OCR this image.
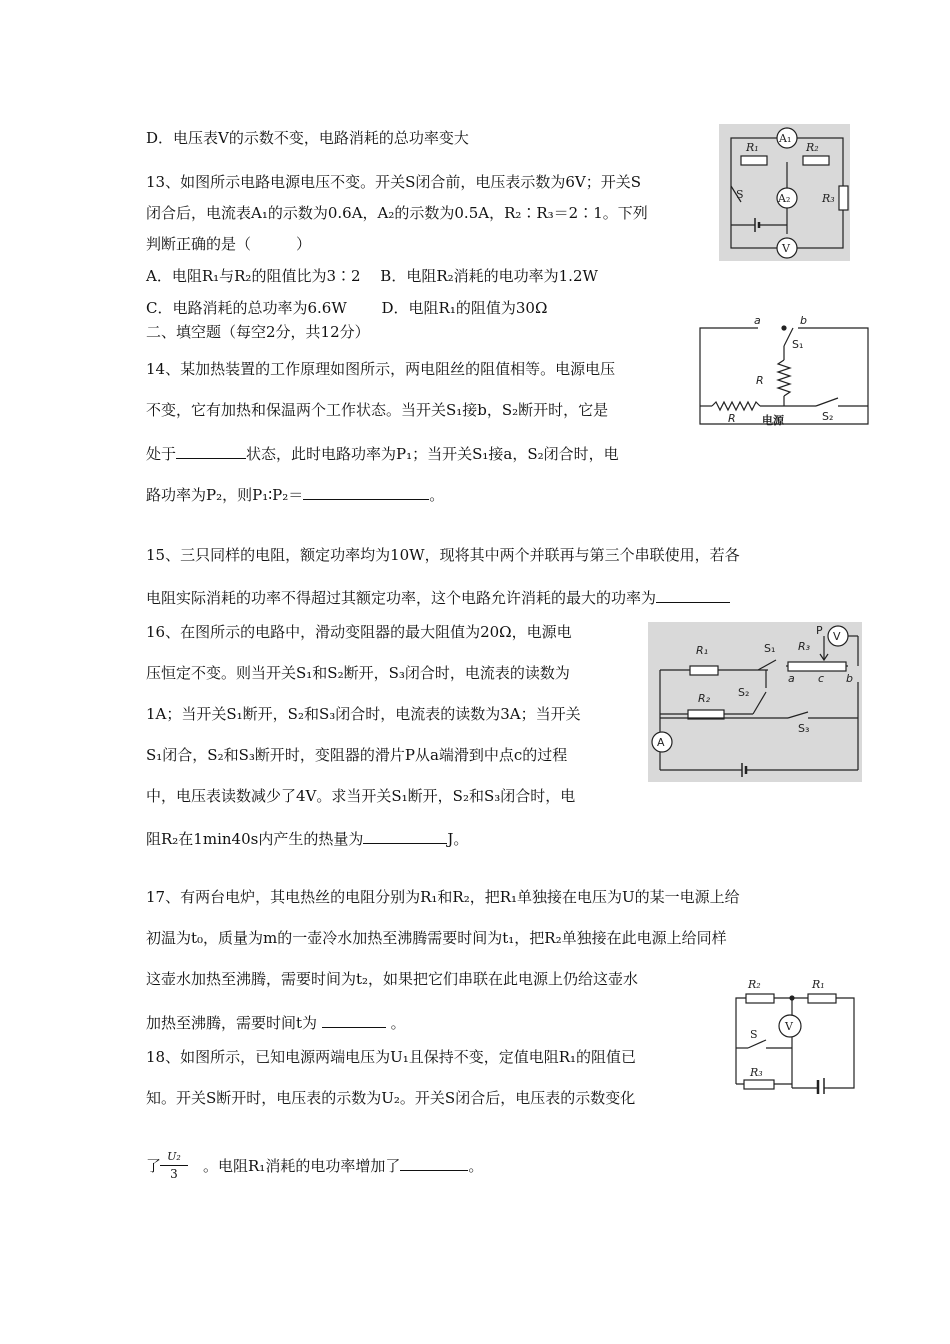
D．电压表V的示数不变，电路消耗的总功率变大
13、如图所示电路电源电压不变。开关S闭合前，电压表示数为6V；开关S
闭合后，电流表A₁的示数为0.6A，A₂的示数为0.5A，R₂∶R₃＝2∶1。下列
判断正确的是（　　　）
A．电阻R₁与R₂的阻值比为3∶2　 B．电阻R₂消耗的电功率为1.2W
C．电路消耗的总功率为6.6W　　 D．电阻R₁的阻值为30Ω
二、填空题（每空2分，共12分）
14、某加热装置的工作原理如图所示，两电阻丝的阻值相等。电源电压
不变，它有加热和保温两个工作状态。当开关S₁接b，S₂断开时，它是
处于	状态，此时电路功率为P₁；当开关S₁接a，S₂闭合时，电
路功率为P₂，则P₁∶P₂＝	。
15、三只同样的电阻，额定功率均为10W，现将其中两个并联再与第三个串联使用，若各
电阻实际消耗的功率不得超过其额定功率，这个电路允许消耗的最大的功率为
16、在图所示的电路中，滑动变阻器的最大阻值为20Ω，电源电
压恒定不变。则当开关S₁和S₂断开，S₃闭合时，电流表的读数为
1A；当开关S₁断开，S₂和S₃闭合时，电流表的读数为3A；当开关
S₁闭合，S₂和S₃断开时，变阻器的滑片P从a端滑到中点c的过程
中，电压表读数减少了4V。求当开关S₁断开，S₂和S₃闭合时，电
阻R₂在1min40s内产生的热量为	J。
17、有两台电炉，其电热丝的电阻分别为R₁和R₂，把R₁单独接在电压为U的某一电源上给
初温为t₀，质量为m的一壶冷水加热至沸腾需要时间为t₁，把R₂单独接在此电源上给同样
这壶水加热至沸腾，需要时间为t₂，如果把它们串联在此电源上仍给这壶水
加热至沸腾，需要时间t为	。
18、如图所示，已知电源两端电压为U₁且保持不变，定值电阻R₁的阻值已
知。开关S断开时，电压表的示数为U₂。开关S闭合后，电压表的示数变化
了	。电阻R₁消耗的电功率增加了	。
U₂
3
A₁
R₁	R₂
A₂	R₃
S
V
a	b
S₁
R
R 电源	S₂
R₁	S₁ R₃
P V
a c b
R₂	S₂
S₃
A
R₂	R₁
V
S
R₃
